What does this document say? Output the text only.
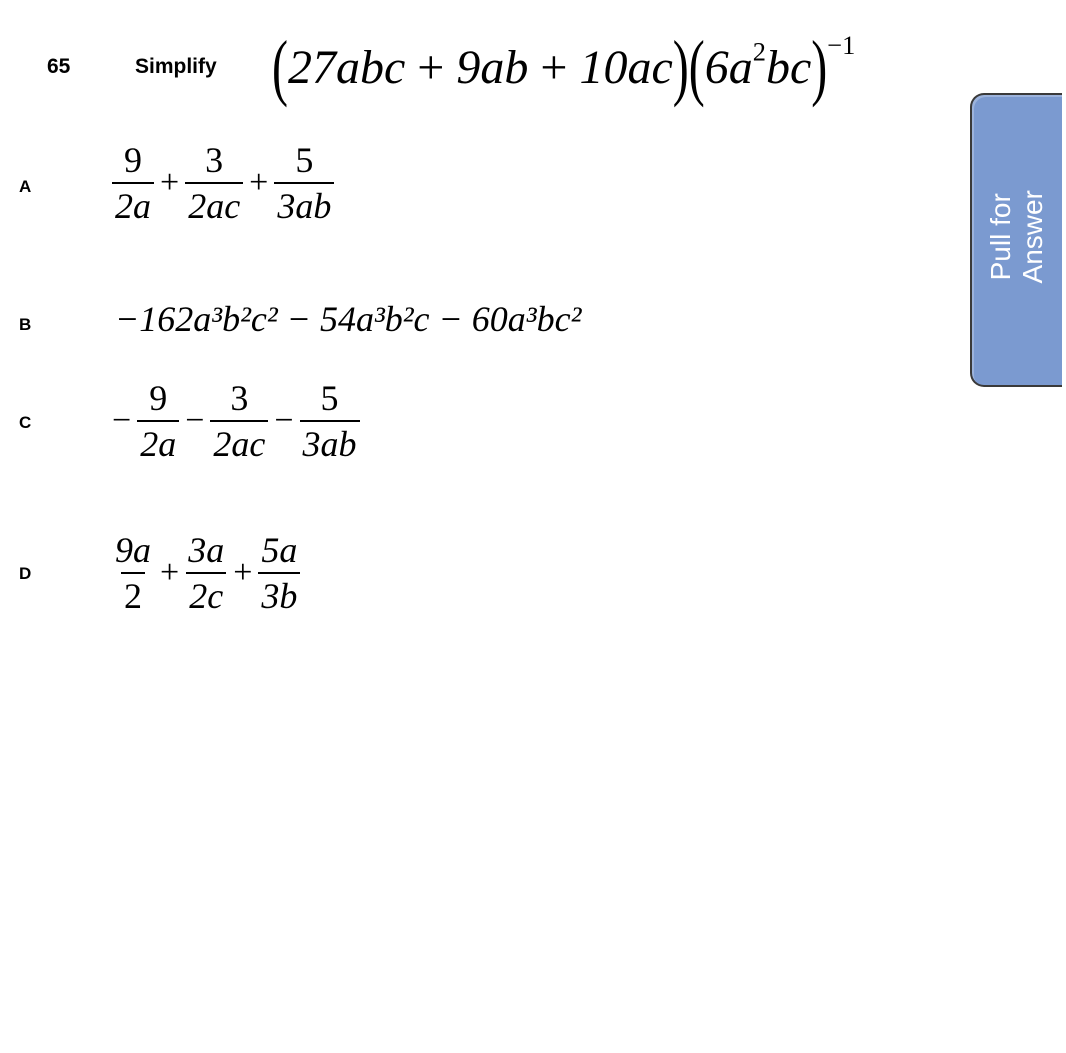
65	Simplify $(27abc + 9ab + 10ac)(6a^2bc)^{-1}$
A $\frac{9}{2a} + \frac{3}{2ac} + \frac{5}{3ab}$
B −162a³b²c² − 54a³b²c − 60a³bc²
$C - \frac{9}{2a} - \frac{3}{2ac} - \frac{5}{3ab}$
D $\frac{9a}{2} + \frac{3a}{2c} + \frac{5a}{3b}$
Pull for Answer
